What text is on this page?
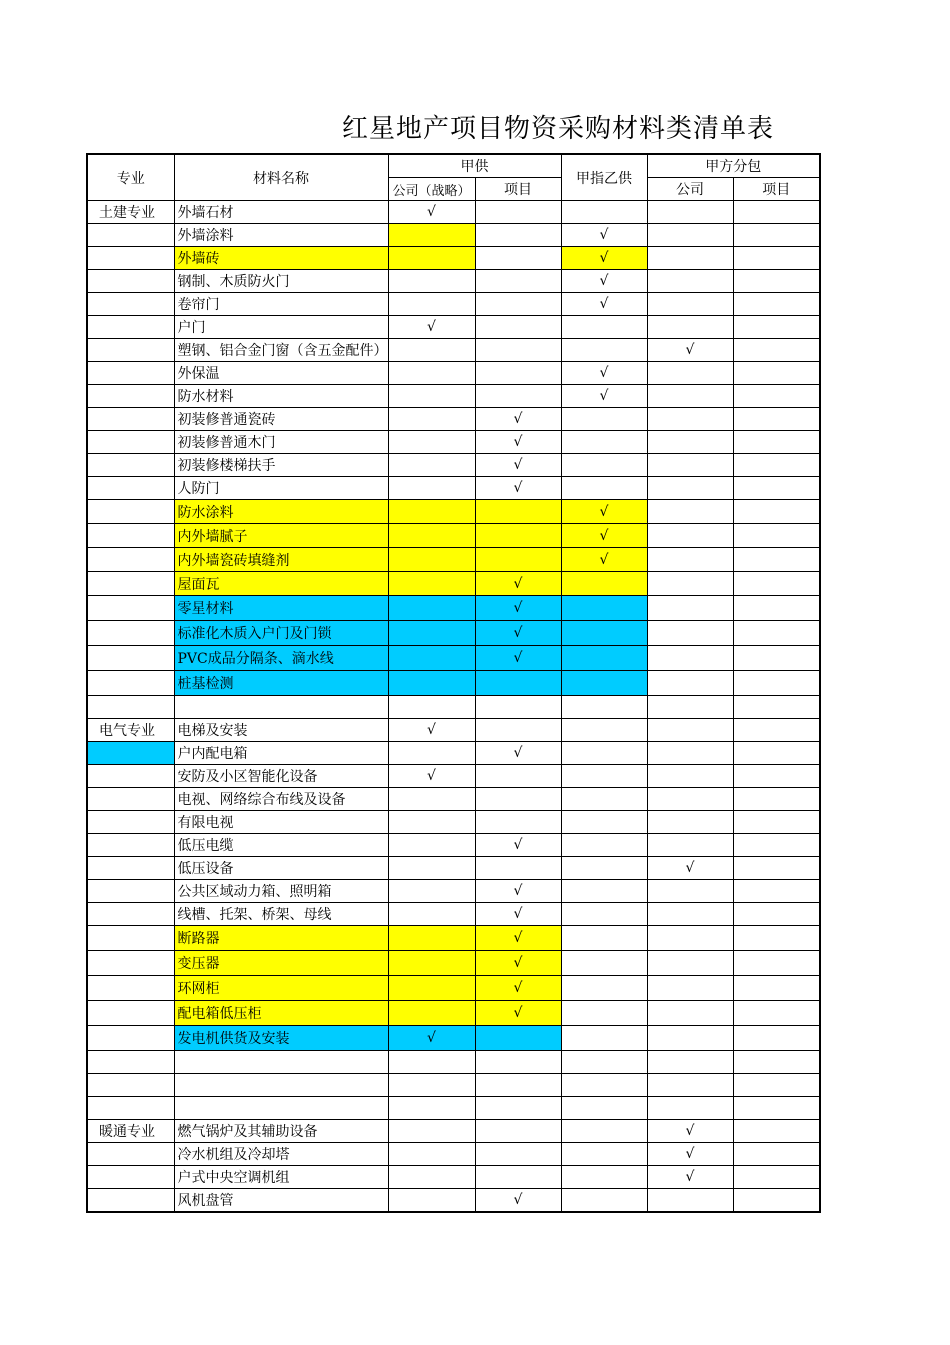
红星地产项目物资采购材料类清单表
专业	材料名称	甲供		甲指乙供	甲方分包	
		公司（战略）	项目		公司	项目
土建专业	外墙石材	√				
	外墙涂料			√		
	外墙砖			√		
	钢制、木质防火门			√		
	卷帘门			√		
	户门	√				
	塑钢、铝合金门窗（含五金配件）				√	
	外保温			√		
	防水材料			√		
	初装修普通瓷砖		√			
	初装修普通木门		√			
	初装修楼梯扶手		√			
	人防门		√			
	防水涂料			√		
	内外墙腻子			√		
	内外墙瓷砖填缝剂			√		
	屋面瓦		√			
	零星材料		√			
	标准化木质入户门及门锁		√			
	PVC成品分隔条、滴水线		√			
	桩基检测					

电气专业	电梯及安装	√				
	户内配电箱		√			
	安防及小区智能化设备	√				
	电视、网络综合布线及设备					
	有限电视					
	低压电缆		√			
	低压设备				√	
	公共区域动力箱、照明箱		√			
	线槽、托架、桥架、母线		√			
	断路器		√			
	变压器		√			
	环网柜		√			
	配电箱低压柜		√			
	发电机供货及安装	√				

暖通专业	燃气锅炉及其辅助设备				√	
	冷水机组及冷却塔				√	
	户式中央空调机组				√	
	风机盘管		√			
